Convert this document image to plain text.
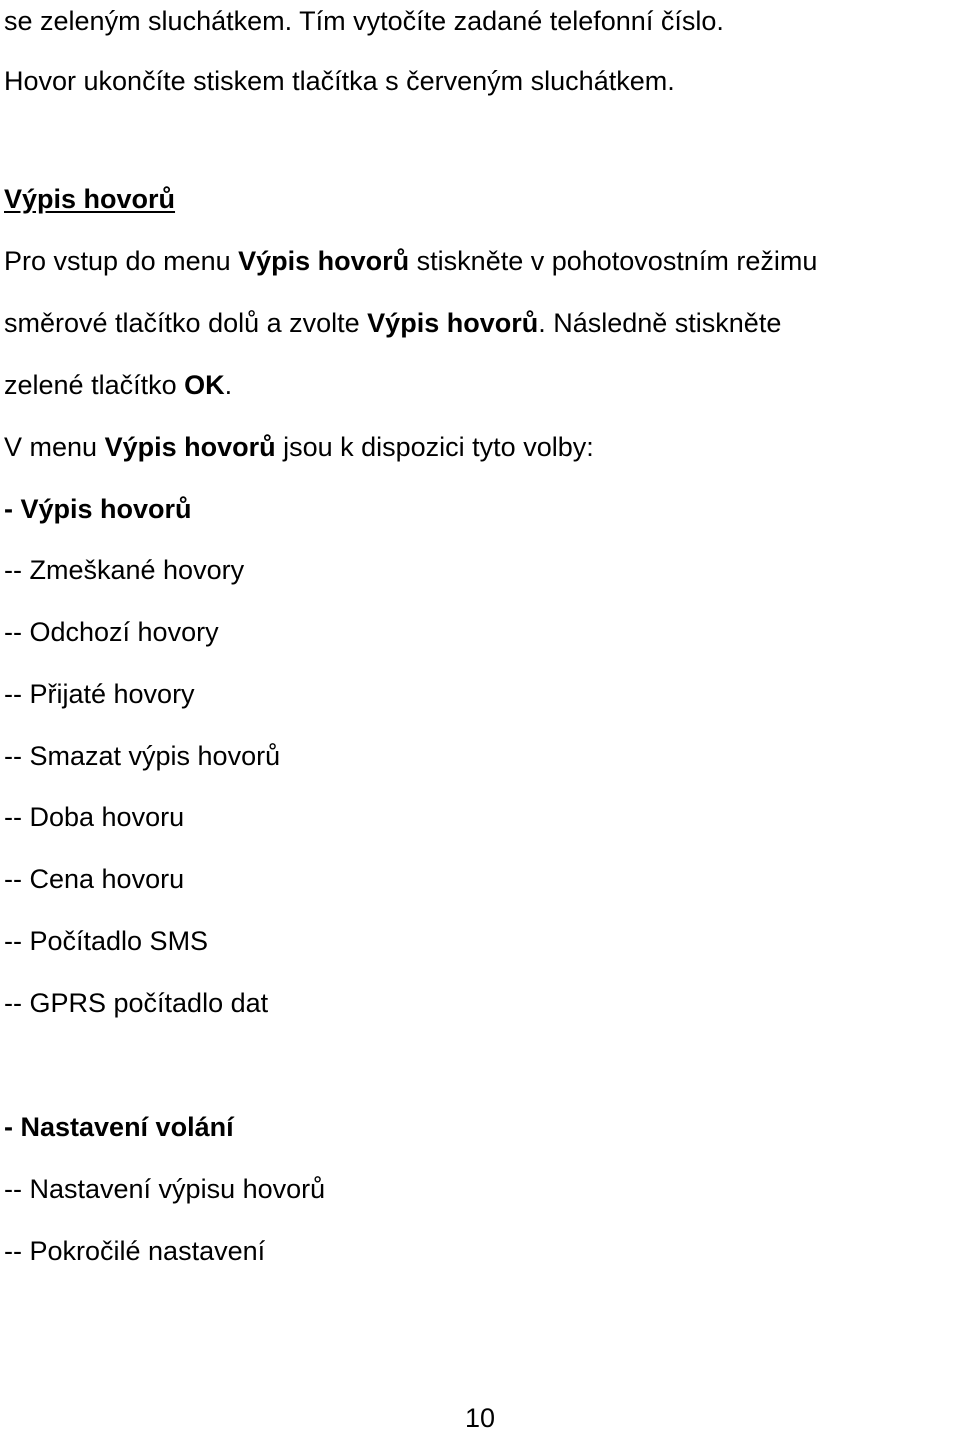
se zeleným sluchátkem. Tím vytočíte zadané telefonní číslo.
Hovor ukončíte stiskem tlačítka s červeným sluchátkem.
Výpis hovorů
Pro vstup do menu Výpis hovorů stiskněte v pohotovostním režimu
směrové tlačítko dolů a zvolte Výpis hovorů. Následně stiskněte
zelené tlačítko OK.
V menu Výpis hovorů jsou k dispozici tyto volby:
- Výpis hovorů
-- Zmeškané hovory
-- Odchozí hovory
-- Přijaté hovory
-- Smazat výpis hovorů
-- Doba hovoru
-- Cena hovoru
-- Počítadlo SMS
-- GPRS počítadlo dat
- Nastavení volání
-- Nastavení výpisu hovorů
-- Pokročilé nastavení
10
